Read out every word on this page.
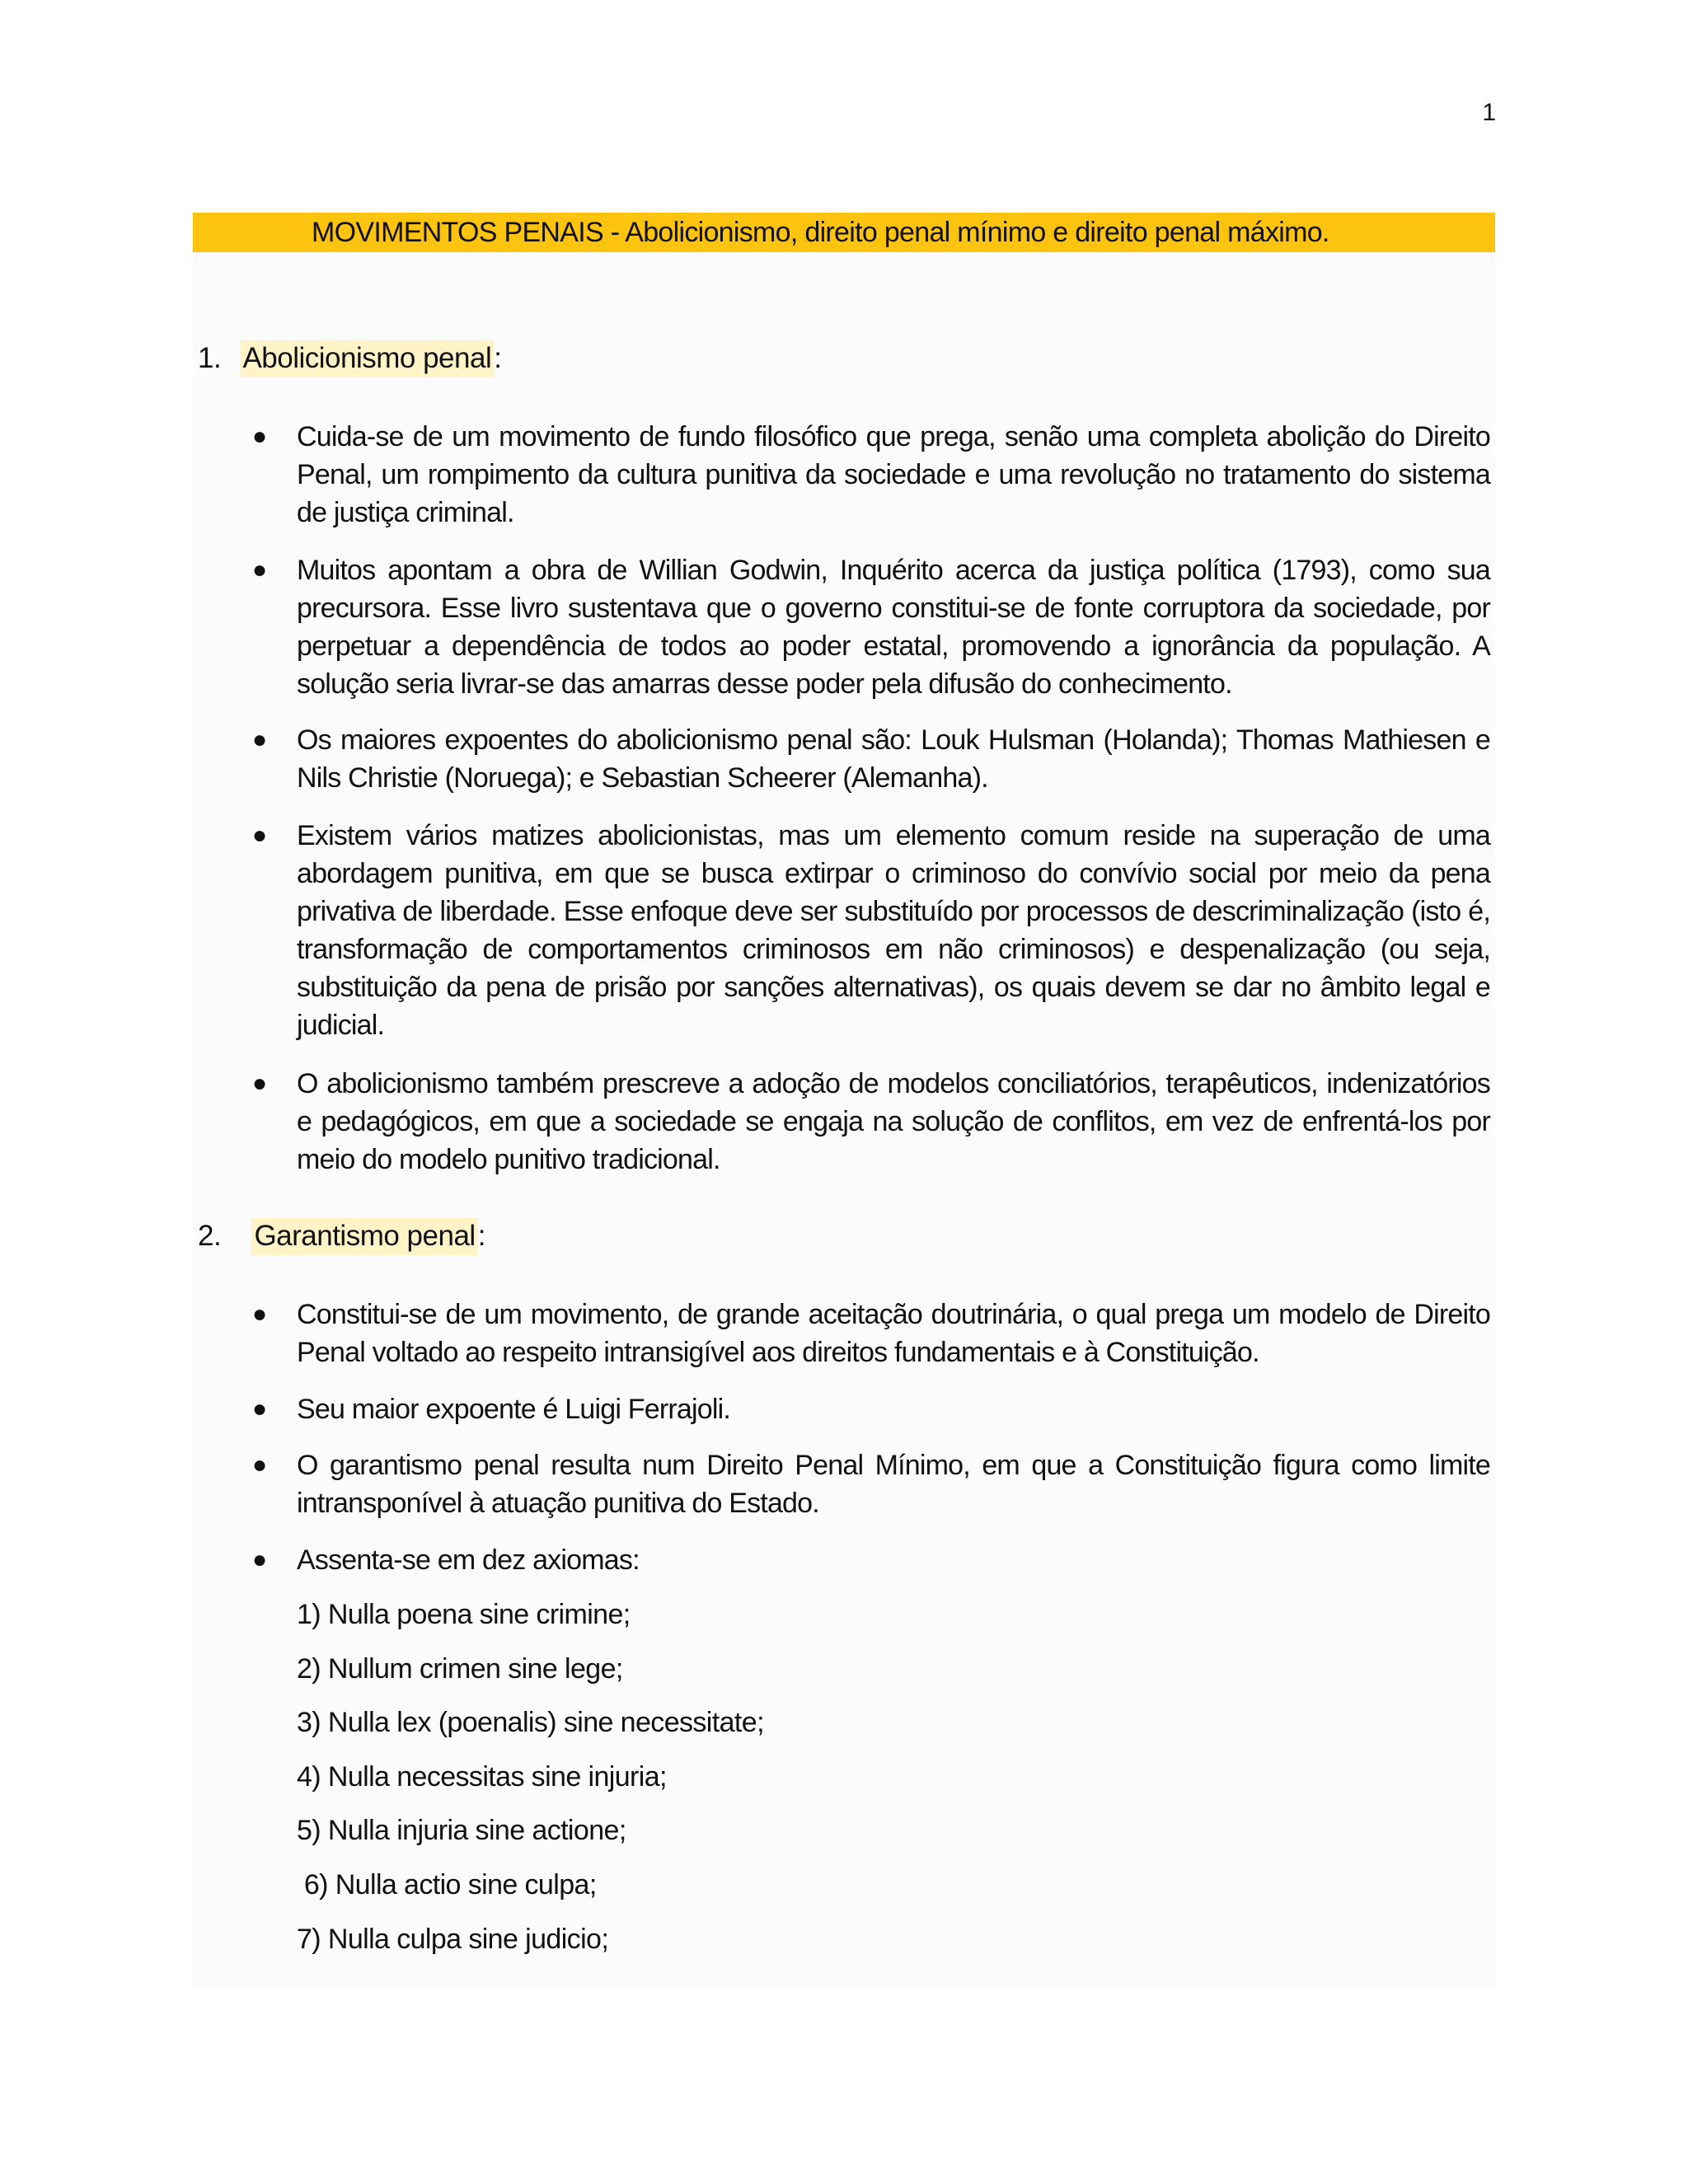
1
MOVIMENTOS PENAIS - Abolicionismo, direito penal mínimo e direito penal máximo.
1. Abolicionismo penal:
● Cuida-se de um movimento de fundo filosófico que prega, senão uma completa abolição do Direito Penal, um rompimento da cultura punitiva da sociedade e uma revolução no tratamento do sistema de justiça criminal.
● Muitos apontam a obra de Willian Godwin, Inquérito acerca da justiça política (1793), como sua precursora. Esse livro sustentava que o governo constitui-se de fonte corruptora da sociedade, por perpetuar a dependência de todos ao poder estatal, promovendo a ignorância da população. A solução seria livrar-se das amarras desse poder pela difusão do conhecimento.
● Os maiores expoentes do abolicionismo penal são: Louk Hulsman (Holanda); Thomas Mathiesen e Nils Christie (Noruega); e Sebastian Scheerer (Alemanha).
● Existem vários matizes abolicionistas, mas um elemento comum reside na superação de uma abordagem punitiva, em que se busca extirpar o criminoso do convívio social por meio da pena privativa de liberdade. Esse enfoque deve ser substituído por processos de descriminalização (isto é, transformação de comportamentos criminosos em não criminosos) e despenalização (ou seja, substituição da pena de prisão por sanções alternativas), os quais devem se dar no âmbito legal e judicial.
● O abolicionismo também prescreve a adoção de modelos conciliatórios, terapêuticos, indenizatórios e pedagógicos, em que a sociedade se engaja na solução de conflitos, em vez de enfrentá-los por meio do modelo punitivo tradicional.
2. Garantismo penal:
● Constitui-se de um movimento, de grande aceitação doutrinária, o qual prega um modelo de Direito Penal voltado ao respeito intransigível aos direitos fundamentais e à Constituição.
● Seu maior expoente é Luigi Ferrajoli.
● O garantismo penal resulta num Direito Penal Mínimo, em que a Constituição figura como limite intransponível à atuação punitiva do Estado.
● Assenta-se em dez axiomas:
1) Nulla poena sine crimine;
2) Nullum crimen sine lege;
3) Nulla lex (poenalis) sine necessitate;
4) Nulla necessitas sine injuria;
5) Nulla injuria sine actione;
6) Nulla actio sine culpa;
7) Nulla culpa sine judicio;
